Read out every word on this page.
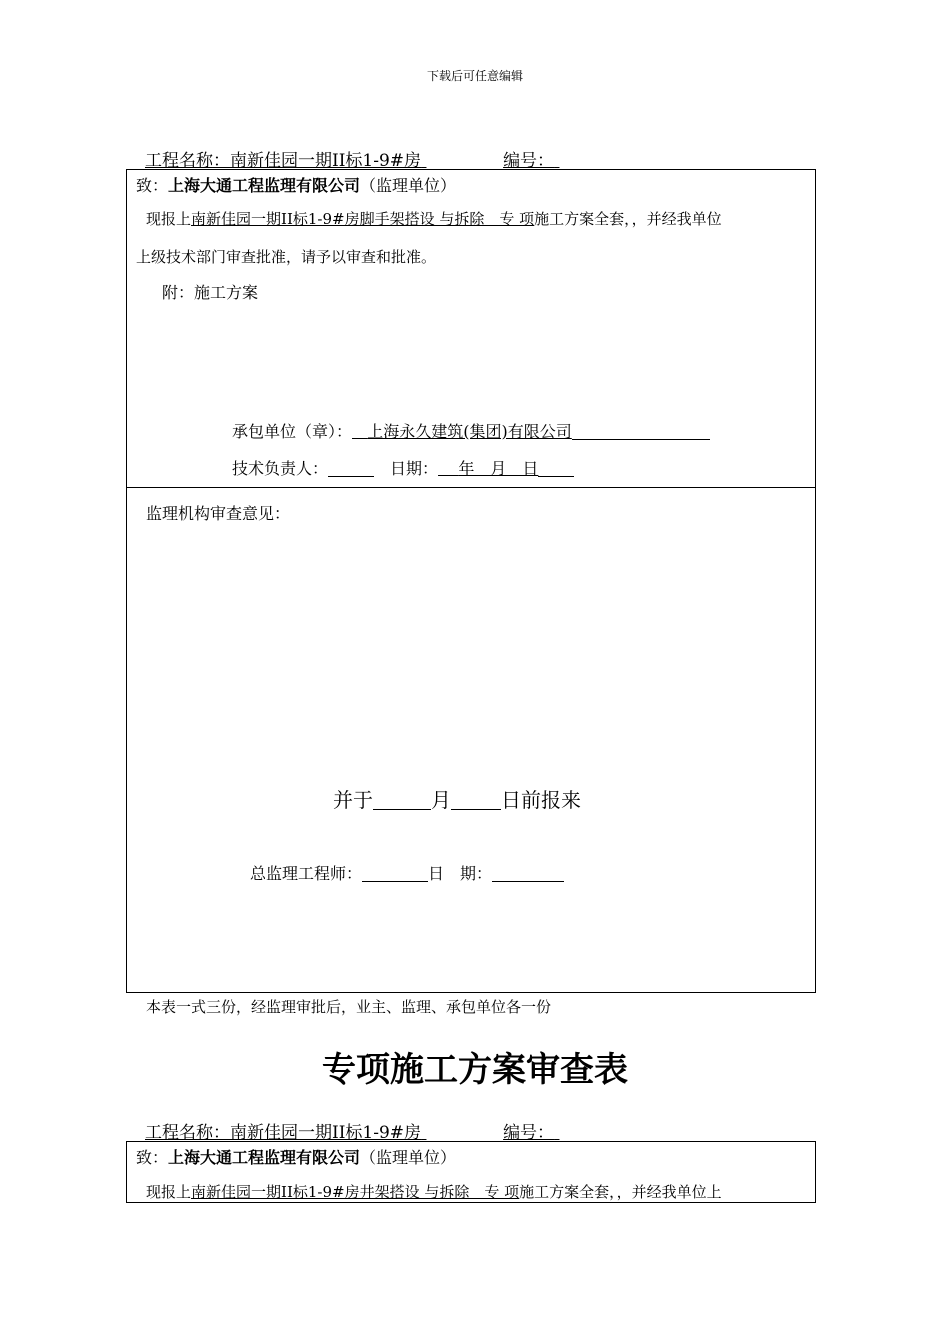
下载后可任意编辑
工程名称：南新佳园一期II标1-9#房	编号：
致：上海大通工程监理有限公司（监理单位）
现报上南新佳园一期II标1-9#房脚手架搭设 与拆除　专 项施工方案全套，，并经我单位
上级技术部门审查批准，请予以审查和批准。
附：施工方案
承包单位（章）： 上海永久建筑(集团)有限公司
技术负责人：	日期： 年　月　日
监理机构审查意见：
并于	月	日前报来
总监理工程师：	日　期：
本表一式三份，经监理审批后，业主、监理、承包单位各一份
专项施工方案审查表
工程名称：南新佳园一期II标1-9#房	编号：
致：上海大通工程监理有限公司（监理单位）
现报上南新佳园一期II标1-9#房井架搭设 与拆除　专 项施工方案全套，，并经我单位上
